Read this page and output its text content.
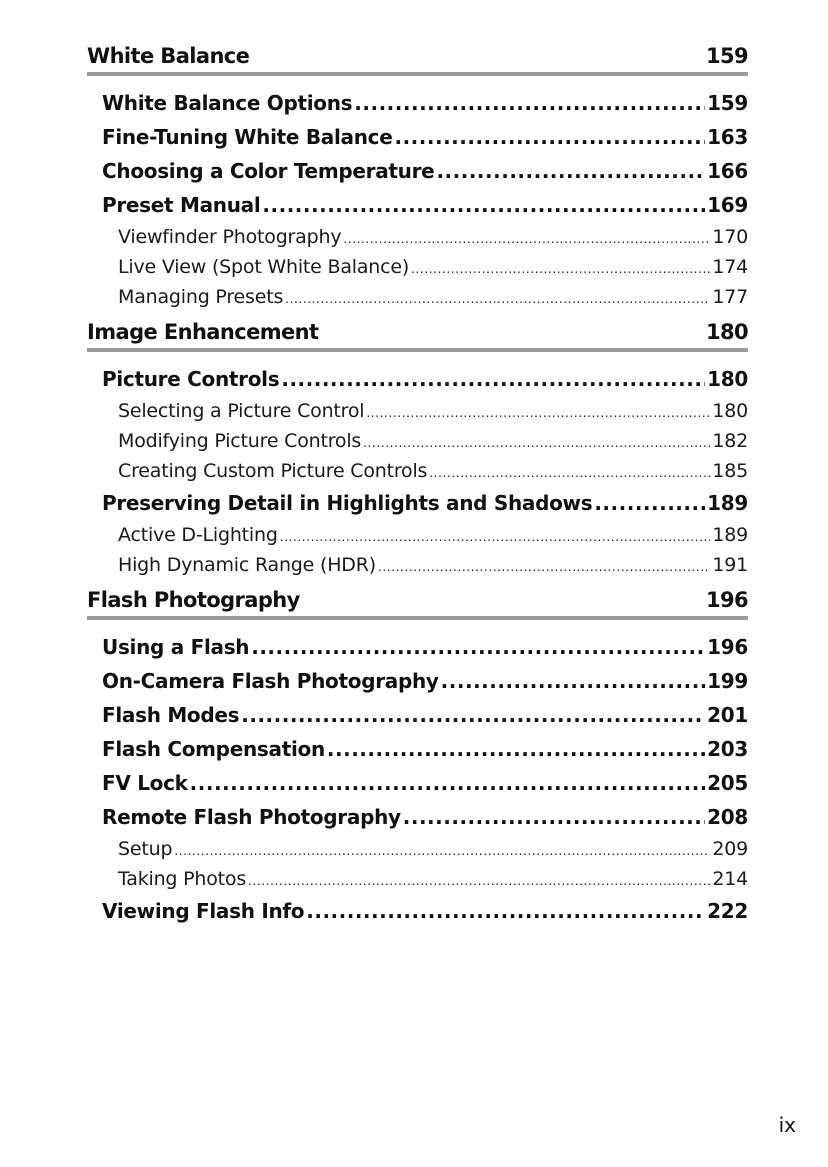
White Balance	159
White Balance Options .....	159
Fine-Tuning White Balance .....	163
Choosing a Color Temperature .....	166
Preset Manual .....	169
Viewfinder Photography .....	170
Live View (Spot White Balance) .....	174
Managing Presets .....	177
Image Enhancement	180
Picture Controls .....	180
Selecting a Picture Control .....	180
Modifying Picture Controls .....	182
Creating Custom Picture Controls .....	185
Preserving Detail in Highlights and Shadows .....	189
Active D-Lighting .....	189
High Dynamic Range (HDR) .....	191
Flash Photography	196
Using a Flash .....	196
On-Camera Flash Photography .....	199
Flash Modes .....	201
Flash Compensation .....	203
FV Lock .....	205
Remote Flash Photography .....	208
Setup .....	209
Taking Photos .....	214
Viewing Flash Info .....	222
ix
